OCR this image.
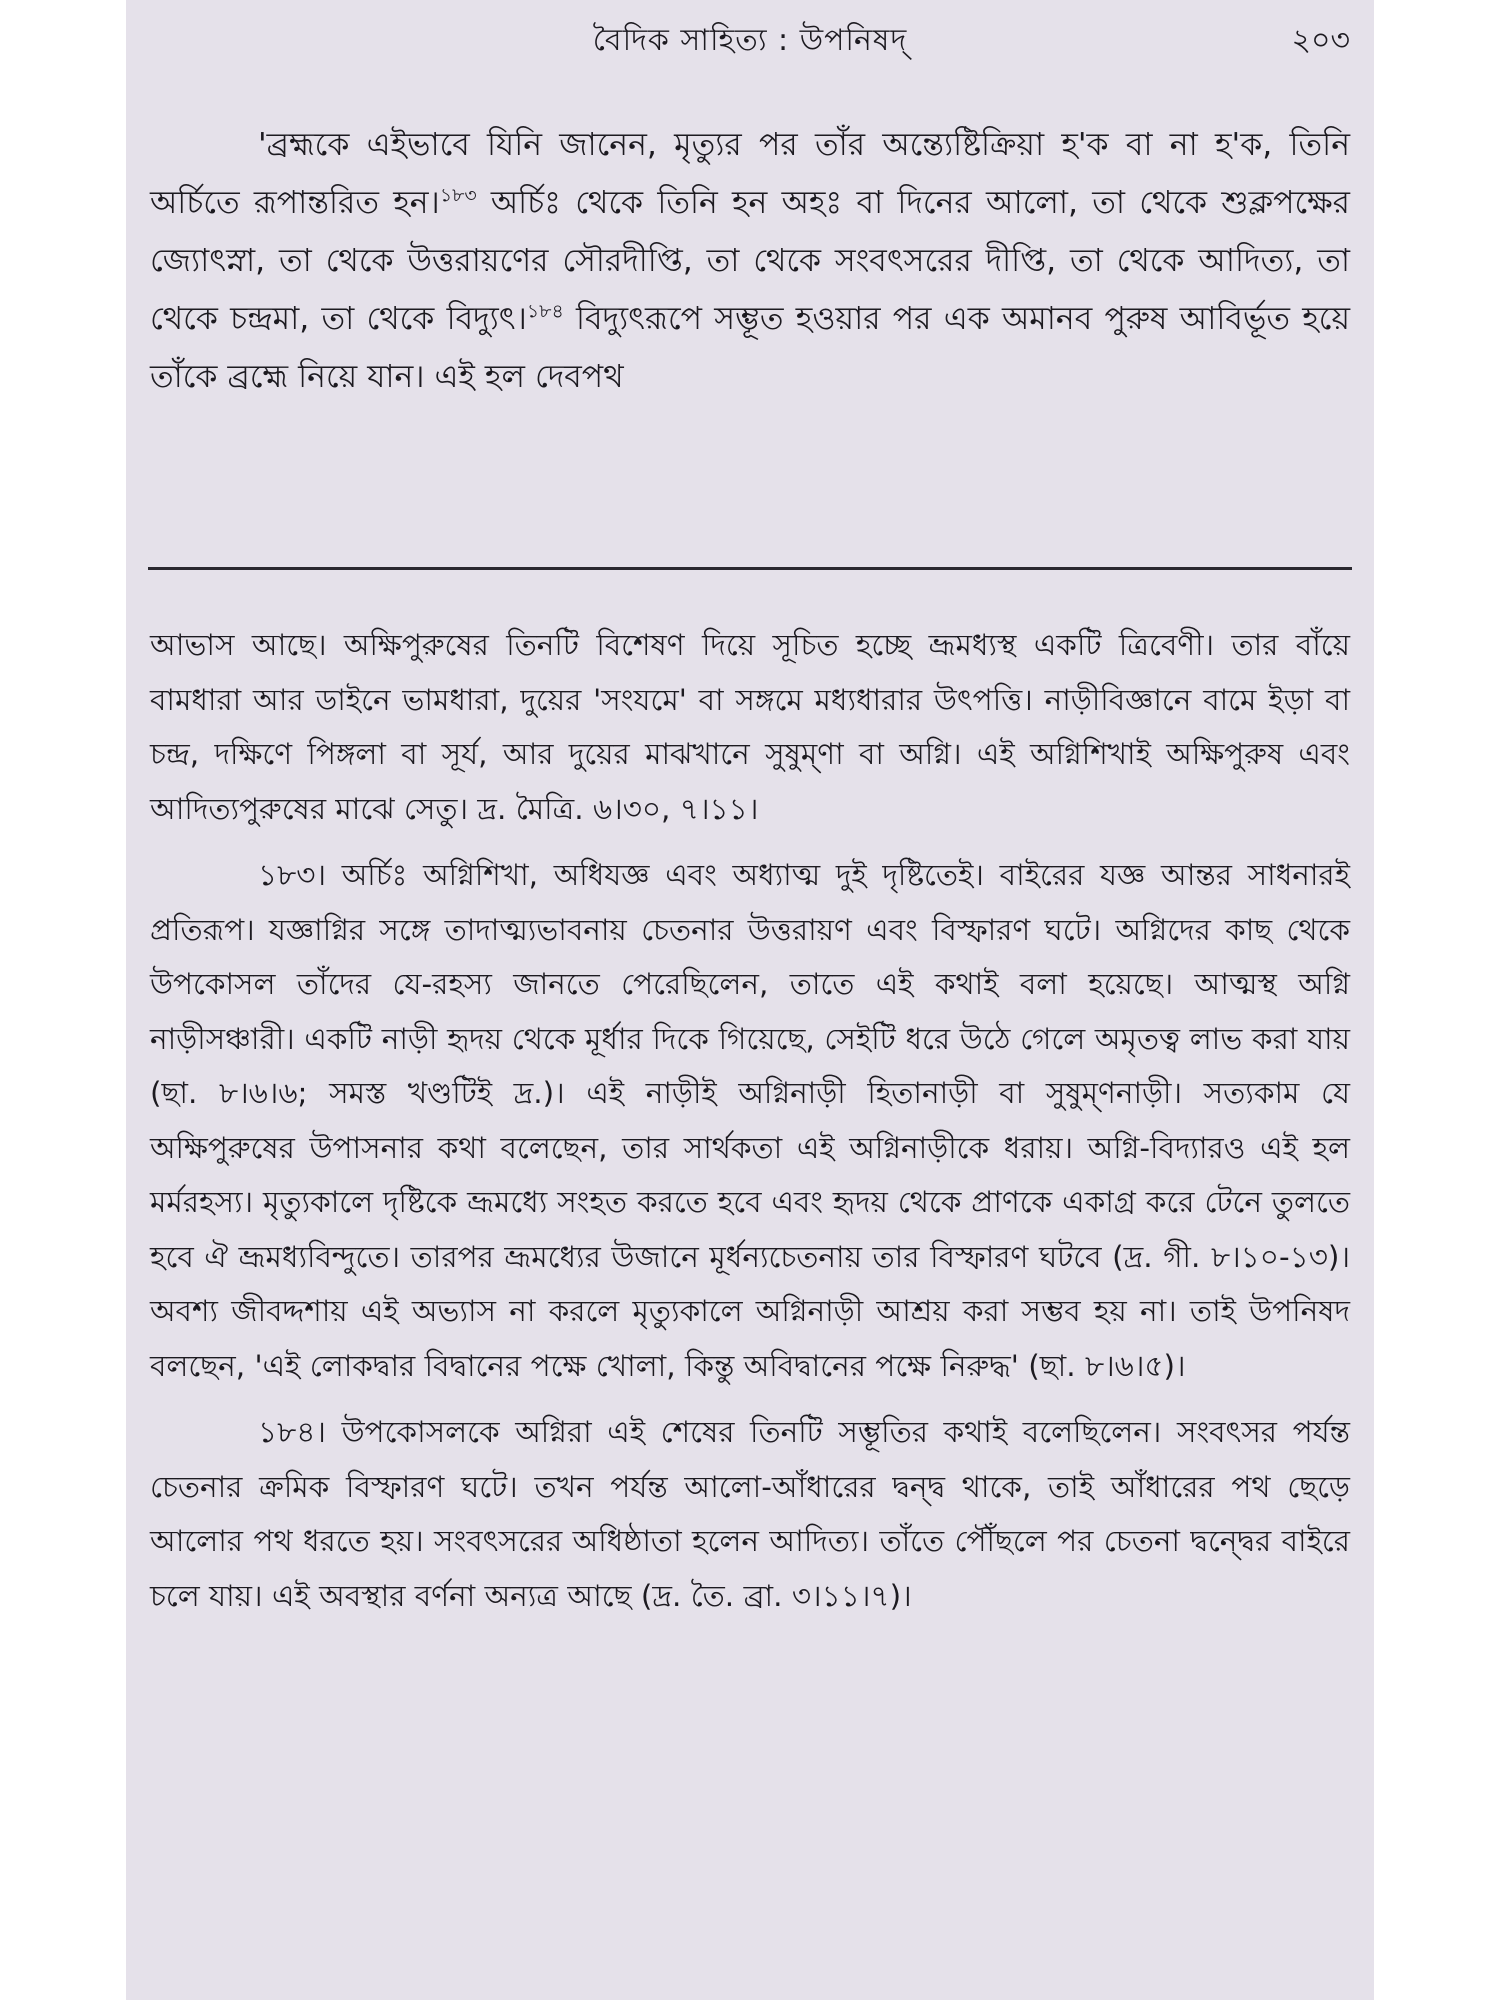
বৈদিক সাহিত্য : উপনিষদ্	২০৩

'ব্রহ্মকে এইভাবে যিনি জানেন, মৃত্যুর পর তাঁর অন্ত্যেষ্টিক্রিয়া হ'ক বা না হ'ক, তিনি অর্চিতে রূপান্তরিত হন।$^{১৮৩}$ অর্চিঃ থেকে তিনি হন অহঃ বা দিনের আলো, তা থেকে শুক্লপক্ষের জ্যোৎস্না, তা থেকে উত্তরায়ণের সৌরদীপ্তি, তা থেকে সংবৎসরের দীপ্তি, তা থেকে আদিত্য, তা থেকে চন্দ্রমা, তা থেকে বিদ্যুৎ।$^{১৮৪}$ বিদ্যুৎরূপে সম্ভূত হওয়ার পর এক অমানব পুরুষ আবির্ভূত হয়ে তাঁকে ব্রহ্মে নিয়ে যান। এই হল দেবপথ

আভাস আছে। অক্ষিপুরুষের তিনটি বিশেষণ দিয়ে সূচিত হচ্ছে ভ্রূমধ্যস্থ একটি ত্রিবেণী। তার বাঁয়ে বামধারা আর ডাইনে ভামধারা, দুয়ের 'সংযমে' বা সঙ্গমে মধ্যধারার উৎপত্তি। নাড়ীবিজ্ঞানে বামে ইড়া বা চন্দ্র, দক্ষিণে পিঙ্গলা বা সূর্য, আর দুয়ের মাঝখানে সুষুম্ণা বা অগ্নি। এই অগ্নিশিখাই অক্ষিপুরুষ এবং আদিত্যপুরুষের মাঝে সেতু। দ্র. মৈত্রি. ৬।৩০, ৭।১১।

১৮৩। অর্চিঃ অগ্নিশিখা, অধিযজ্ঞ এবং অধ্যাত্ম দুই দৃষ্টিতেই। বাইরের যজ্ঞ আন্তর সাধনারই প্রতিরূপ। যজ্ঞাগ্নির সঙ্গে তাদাত্ম্যভাবনায় চেতনার উত্তরায়ণ এবং বিস্ফারণ ঘটে। অগ্নিদের কাছ থেকে উপকোসল তাঁদের যে-রহস্য জানতে পেরেছিলেন, তাতে এই কথাই বলা হয়েছে। আত্মস্থ অগ্নি নাড়ীসঞ্চারী। একটি নাড়ী হৃদয় থেকে মূর্ধার দিকে গিয়েছে, সেইটি ধরে উঠে গেলে অমৃতত্ব লাভ করা যায় (ছা. ৮।৬।৬; সমস্ত খণ্ডটিই দ্র.)। এই নাড়ীই অগ্নিনাড়ী হিতানাড়ী বা সুষুম্ণনাড়ী। সত্যকাম যে অক্ষিপুরুষের উপাসনার কথা বলেছেন, তার সার্থকতা এই অগ্নিনাড়ীকে ধরায়। অগ্নি-বিদ্যারও এই হল মর্মরহস্য। মৃত্যুকালে দৃষ্টিকে ভ্রূমধ্যে সংহত করতে হবে এবং হৃদয় থেকে প্রাণকে একাগ্র করে টেনে তুলতে হবে ঐ ভ্রূমধ্যবিন্দুতে। তারপর ভ্রূমধ্যের উজানে মূর্ধন্যচেতনায় তার বিস্ফারণ ঘটবে (দ্র. গী. ৮।১০-১৩)। অবশ্য জীবদ্দশায় এই অভ্যাস না করলে মৃত্যুকালে অগ্নিনাড়ী আশ্রয় করা সম্ভব হয় না। তাই উপনিষদ বলছেন, 'এই লোকদ্বার বিদ্বানের পক্ষে খোলা, কিন্তু অবিদ্বানের পক্ষে নিরুদ্ধ' (ছা. ৮।৬।৫)।

১৮৪। উপকোসলকে অগ্নিরা এই শেষের তিনটি সম্ভূতির কথাই বলেছিলেন। সংবৎসর পর্যন্ত চেতনার ক্রমিক বিস্ফারণ ঘটে। তখন পর্যন্ত আলো-আঁধারের দ্বন্দ্ব থাকে, তাই আঁধারের পথ ছেড়ে আলোর পথ ধরতে হয়। সংবৎসরের অধিষ্ঠাতা হলেন আদিত্য। তাঁতে পৌঁছলে পর চেতনা দ্বন্দ্বের বাইরে চলে যায়। এই অবস্থার বর্ণনা অন্যত্র আছে (দ্র. তৈ. ব্রা. ৩।১১।৭)।
